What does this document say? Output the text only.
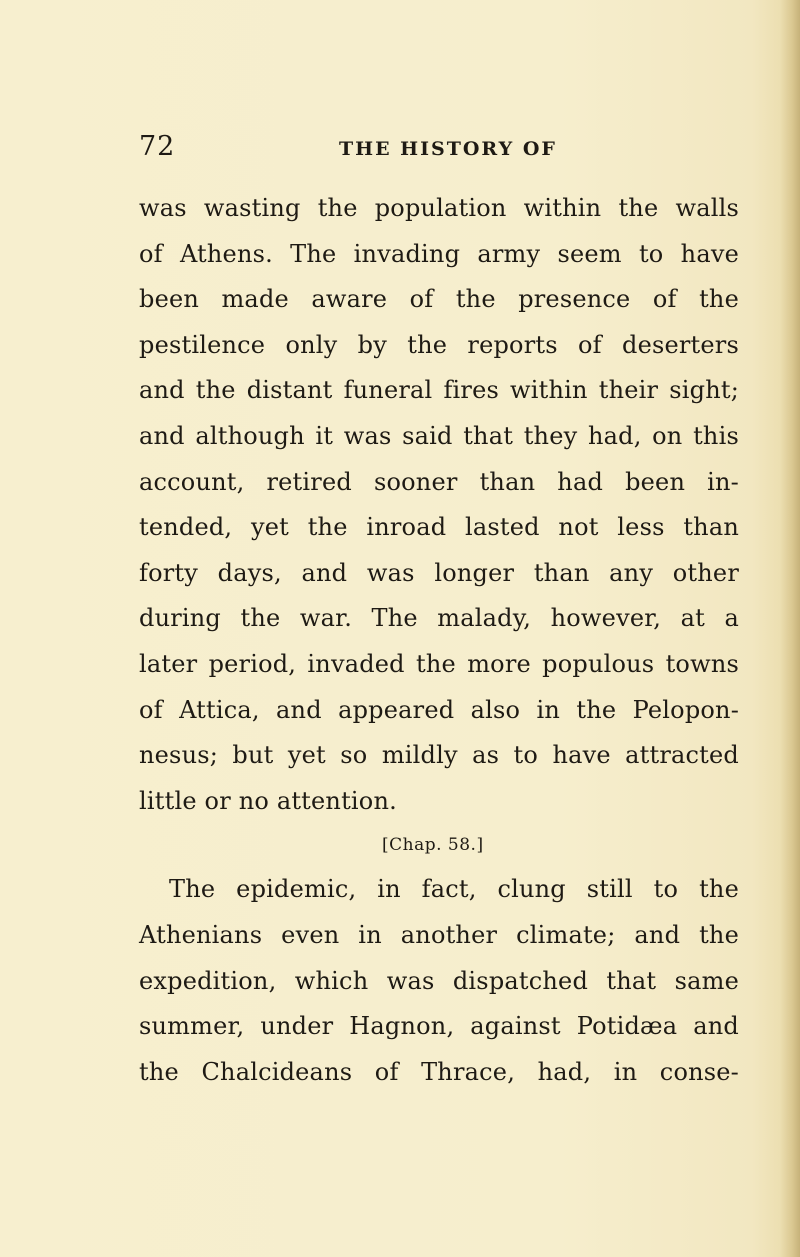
72	THE HISTORY OF
was wasting the population within the walls
of Athens. The invading army seem to have
been made aware of the presence of the
pestilence only by the reports of deserters
and the distant funeral fires within their sight;
and although it was said that they had, on this
account, retired sooner than had been in-
tended, yet the inroad lasted not less than
forty days, and was longer than any other
during the war. The malady, however, at a
later period, invaded the more populous towns
of Attica, and appeared also in the Pelopon-
nesus; but yet so mildly as to have attracted
little or no attention.
[Chap. 58.]
The epidemic, in fact, clung still to the
Athenians even in another climate; and the
expedition, which was dispatched that same
summer, under Hagnon, against Potidæa and
the Chalcideans of Thrace, had, in conse-
